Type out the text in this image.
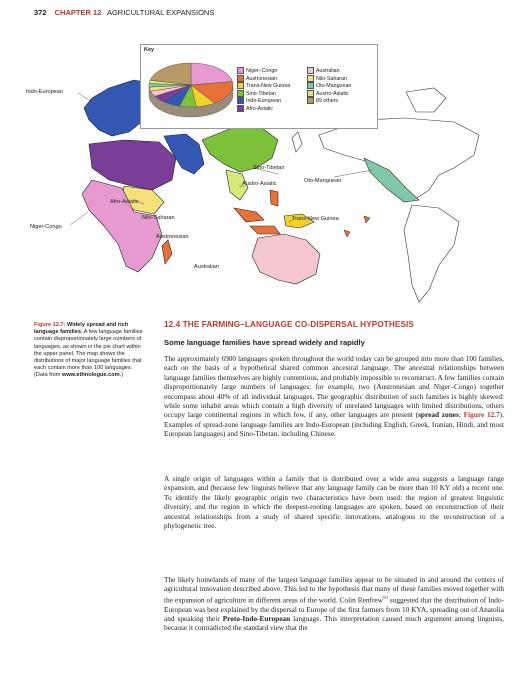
372 CHAPTER 12 AGRICULTURAL EXPANSIONS
Indo-European
Sino-Tibetan
Austro-Asiatic	Oto-Manguean
Afro-Asiatic
Nilo-Saharan
Niger-Congo
Austronesian
Trans-New Guinea
Australian
Key
Niger–Congo
Austronesian
Trans-New Guinea
Sino-Tibetan
Indo-European
Afro-Asiatic
Australian
Nilo-Saharan
Oto-Manguean
Austro-Asiatic
89 others
Figure 12.7: Widely spread and rich language families. A few language families contain disproportionately large numbers of languages, as shown in the pie chart within the upper panel. The map shows the distributions of major language families that each contain more than 100 languages. (Data from www.ethnologue.com.)
12.4 THE FARMING–LANGUAGE CO-DISPERSAL HYPOTHESIS
Some language families have spread widely and rapidly
The approximately 6900 languages spoken throughout the world today can be grouped into more than 100 families, each on the basis of a hypothetical shared common ancestral language. The ancestral relationships between language families themselves are highly contentious, and probably impossible to reconstruct. A few families contain disproportionately large numbers of languages; for example, two (Austronesian and Niger–Congo) together encompass about 40% of all individual languages. The geographic distribution of such families is highly skewed: while some inhabit areas which contain a high diversity of unrelated languages with limited distributions, others occupy large continental regions in which few, if any, other languages are present (spread zones; Figure 12.7). Examples of spread-zone language families are Indo-European (including English, Greek, Iranian, Hindi, and most European languages) and Sino-Tibetan, including Chinese.
A single origin of languages within a family that is distributed over a wide area suggests a language range expansion, and (because few linguists believe that any language family can be more than 10 KY old) a recent one. To identify the likely geographic origin two characteristics have been used: the region of greatest linguistic diversity; and the region in which the deepest-rooting languages are spoken, based on reconstruction of their ancestral relationships from a study of shared specific innovations, analogous to the reconstruction of a phylogenetic tree.
The likely homelands of many of the largest language families appear to be situated in and around the centers of agricultural innovation described above. This led to the hypothesis that many of these families moved together with the expansion of agriculture in different areas of the world. Colin Renfrew$^{60}$ suggested that the distribution of Indo-European was best explained by the dispersal to Europe of the first farmers from 10 KYA, spreading out of Anatolia and speaking their Proto-Indo-European language. This interpretation caused much argument among linguists, because it contradicted the standard view that the
